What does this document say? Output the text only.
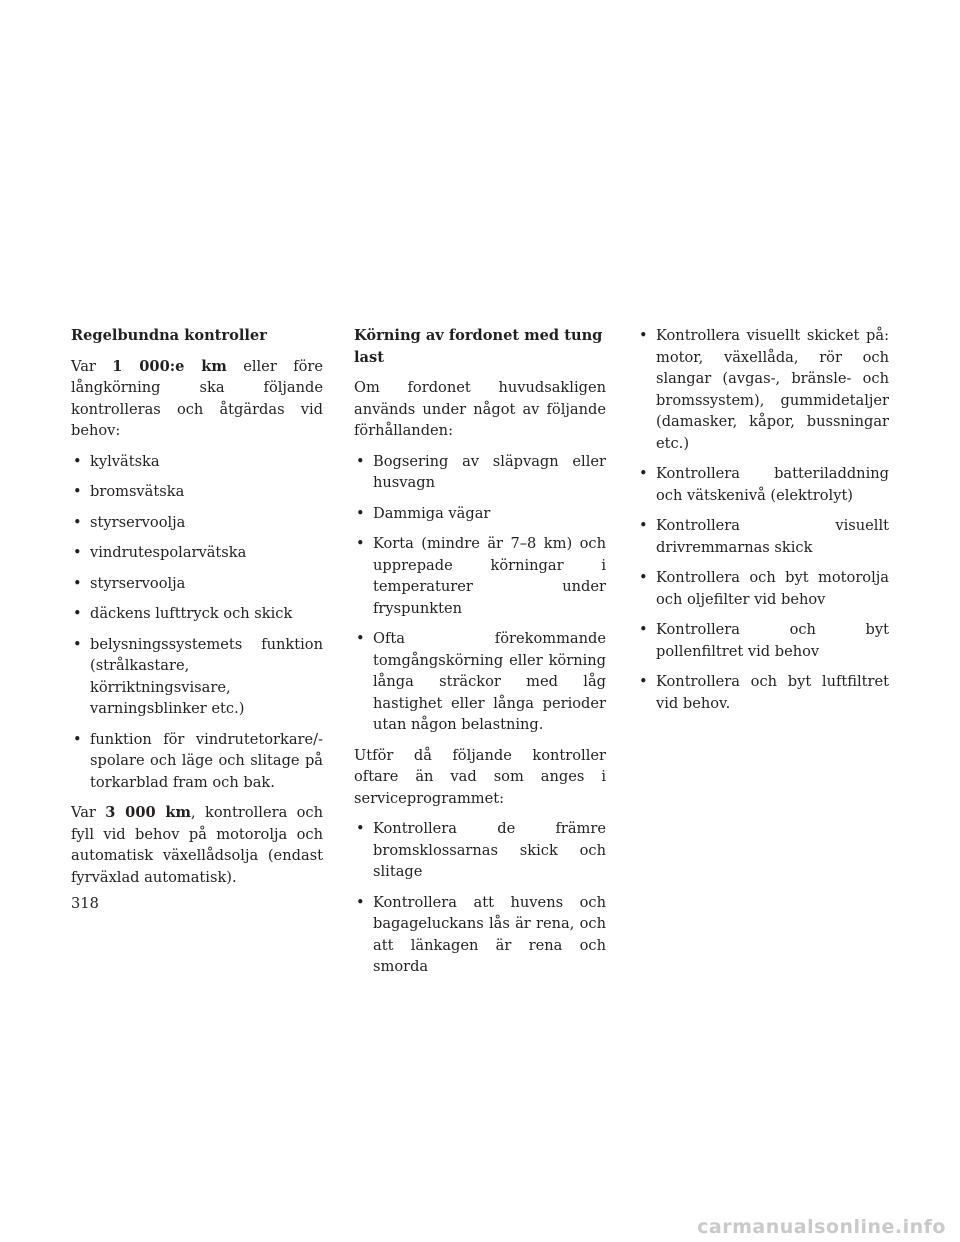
Regelbundna kontroller
Var 1 000:e km eller före långkörning ska följande kontrolleras och åtgärdas vid behov:
• kylvätska
• bromsvätska
• styrservoolja
• vindrutespolarvätska
• styrservoolja
• däckens lufttryck och skick
• belysningssystemets funktion (strålkastare, körriktningsvisare, varningsblinker etc.)
• funktion för vindrutetorkare/-spolare och läge och slitage på torkarblad fram och bak.
Var 3 000 km, kontrollera och fyll vid behov på motorolja och automatisk växellådsolja (endast fyrväxlad automatisk).
Körning av fordonet med tung last
Om fordonet huvudsakligen används under något av följande förhållanden:
• Bogsering av släpvagn eller husvagn
• Dammiga vägar
• Korta (mindre är 7–8 km) och upprepade körningar i temperaturer under fryspunkten
• Ofta förekommande tomgångskörning eller körning långa sträckor med låg hastighet eller långa perioder utan någon belastning.
Utför då följande kontroller oftare än vad som anges i serviceprogrammet:
• Kontrollera de främre bromsklossarnas skick och slitage
• Kontrollera att huvens och bagageluckans lås är rena, och att länkagen är rena och smorda
• Kontrollera visuellt skicket på: motor, växellåda, rör och slangar (avgas-, bränsle- och bromssystem), gummidetaljer (damasker, kåpor, bussningar etc.)
• Kontrollera batteriladdning och vätskenivå (elektrolyt)
• Kontrollera visuellt drivremmarnas skick
• Kontrollera och byt motorolja och oljefilter vid behov
• Kontrollera och byt pollenfiltret vid behov
• Kontrollera och byt luftfiltret vid behov.
318
carmanualsonline.info
